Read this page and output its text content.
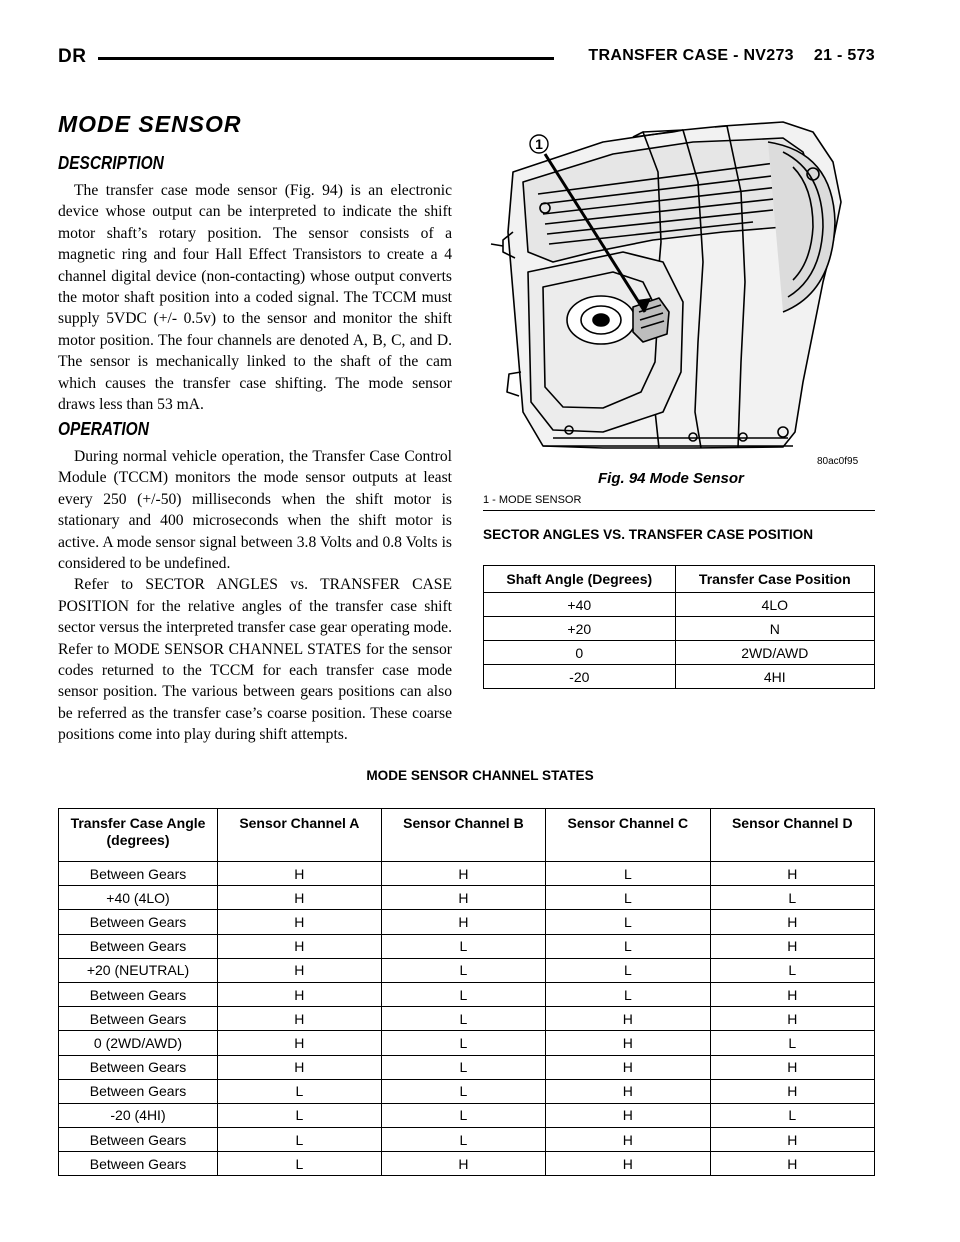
DR	TRANSFER CASE - NV273 21 - 573
MODE SENSOR
DESCRIPTION

The transfer case mode sensor (Fig. 94) is an electronic device whose output can be interpreted to indicate the shift motor shaft’s rotary position. The sensor consists of a magnetic ring and four Hall Effect Transistors to create a 4 channel digital device (non-contacting) whose output converts the motor shaft position into a coded signal. The TCCM must supply 5VDC (+/- 0.5v) to the sensor and monitor the shift motor position. The four channels are denoted A, B, C, and D. The sensor is mechanically linked to the shaft of the cam which causes the transfer case shifting. The mode sensor draws less than 53 mA.

OPERATION

During normal vehicle operation, the Transfer Case Control Module (TCCM) monitors the mode sensor outputs at least every 250 (+/-50) milliseconds when the shift motor is stationary and 400 microseconds when the shift motor is active. A mode sensor signal between 3.8 Volts and 0.8 Volts is considered to be undefined.

Refer to SECTOR ANGLES vs. TRANSFER CASE POSITION for the relative angles of the transfer case shift sector versus the interpreted transfer case gear operating mode. Refer to MODE SENSOR CHANNEL STATES for the sensor codes returned to the TCCM for each transfer case mode sensor position. The various between gears positions can also be referred as the transfer case’s coarse position. These coarse positions come into play during shift attempts.

1
80ac0f95
Fig. 94 Mode Sensor
1 - MODE SENSOR
SECTOR ANGLES VS. TRANSFER CASE POSITION
Shaft Angle (Degrees)	Transfer Case Position
+40	4LO
+20	N
0	2WD/AWD
-20	4HI
MODE SENSOR CHANNEL STATES
Transfer Case Angle (degrees)	Sensor Channel A	Sensor Channel B	Sensor Channel C	Sensor Channel D
Between Gears	H	H	L	H
+40 (4LO)	H	H	L	L
Between Gears	H	H	L	H
Between Gears	H	L	L	H
+20 (NEUTRAL)	H	L	L	L
Between Gears	H	L	L	H
Between Gears	H	L	H	H
0 (2WD/AWD)	H	L	H	L
Between Gears	H	L	H	H
Between Gears	L	L	H	H
-20 (4HI)	L	L	H	L
Between Gears	L	L	H	H
Between Gears	L	H	H	H
